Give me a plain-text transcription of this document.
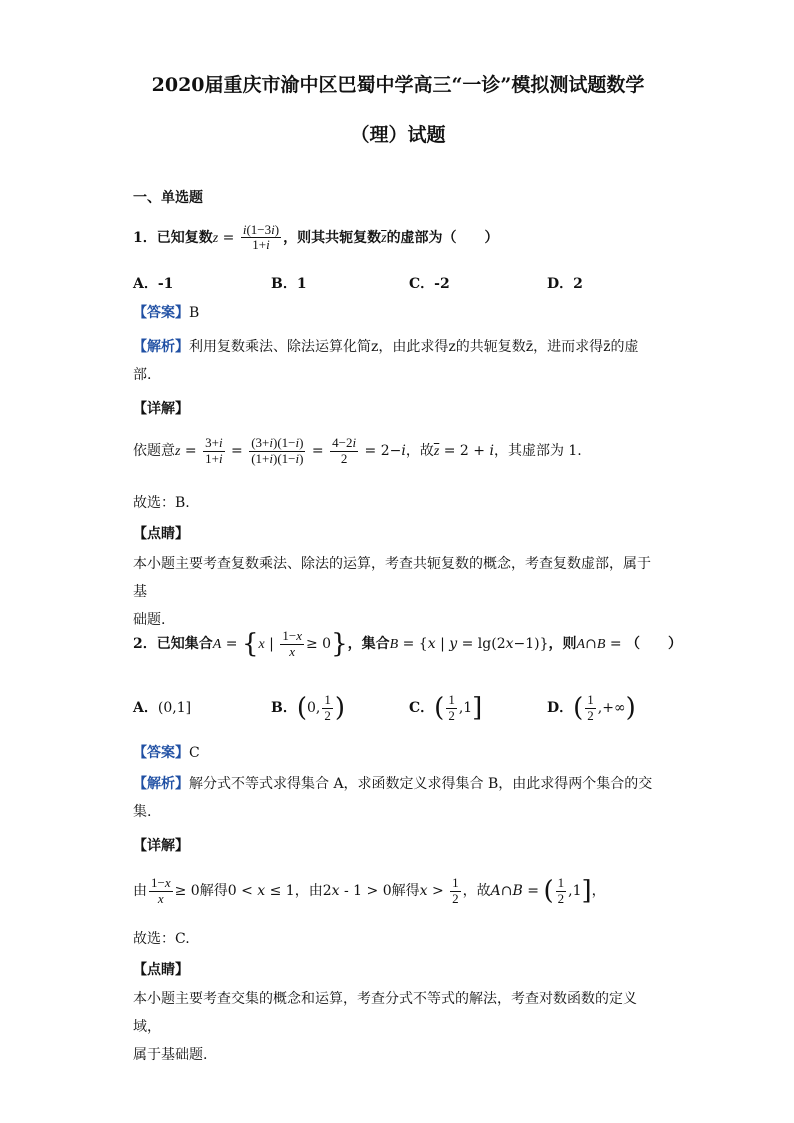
2020届重庆市渝中区巴蜀中学高三“一诊”模拟测试题数学

（理）试题

一、单选题
1．已知复数$z = \frac{i(1-3i)}{1+i}$ ，则其共轭复数$\overline{z}$的虚部为（　　）
A．-1	B．1	C．-2	D．2
【答案】B
【解析】利用复数乘法、除法运算化简z，由此求得z的共轭复数z̄，进而求得z̄的虚
部.
【详解】
依题意$z = \frac{3+i}{1+i} = \frac{(3+i)(1-i)}{(1+i)(1-i)} = \frac{4-2i}{2} = 2-i$，故$\overline{z} = 2 + i$，其虚部为 1.
故选：B.
【点睛】
本小题主要考查复数乘法、除法的运算，考查共轭复数的概念，考查复数虚部，属于基
础题.
2．已知集合A = {x | $\frac{1-x}{x} \ge 0$}，集合B = {x | y = lg(2x−1)}，则A∩B = （　　）
A．(0,1]	B．(0, $\frac{1}{2}$ )	C．( $\frac{1}{2} ,1$]	D．( $\frac{1}{2}$ ,+∞)
【答案】C
【解析】解分式不等式求得集合 A，求函数定义求得集合 B，由此求得两个集合的交
集.
【详解】
由 $\frac{1-x}{x} \ge 0$解得0 < x ≤ 1，由2x - 1 > 0解得$x > \frac{1}{2}$ ，故A∩B = ( $\frac{1}{2} ,1$]，
故选：C.
【点睛】
本小题主要考查交集的概念和运算，考查分式不等式的解法，考查对数函数的定义域，
属于基础题.
